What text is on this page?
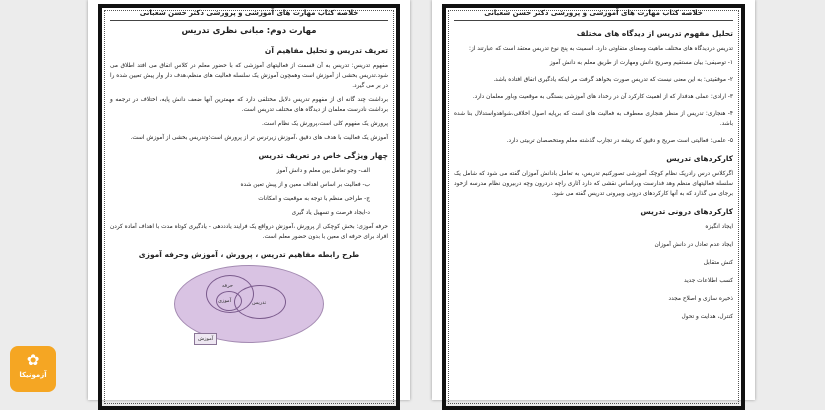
خلاصه کتاب مهارت های آموزشی و پرورشی دکتر حسن شعبانی
مهارت دوم: مبانی نظری تدریس
تعریف تدریس و تحلیل مفاهیم آن

مفهوم تدریس: تدریس به آن قسمت از فعالیتهای آموزشی که با حضور معلم در کلاس اتفاق می افتد اطلاق می شود.تدریس بخشی از آموزش است وهمچون آموزش یک سلسله فعالیت های منظم،هدف دار وار پیش تعیین شده را در بر می گیرد.

برداشت چند گانه ای از مفهوم تدریس دلایل مختلفی دارد که مهمترین آنها ضعف دانش پایه، اختلاف در ترجمه و برداشت نادرست معلمان از دیدگاه های مختلف تدریس است.

پرورش یک مفهوم کلی است،پرورش یک نظام است.

آموزش یک فعالیت با هدف های دقیق ،آموزش زیرترس تر از پرورش است؛وتدریس بخشی از آموزش است.

چهار ویژگی خاص در تعریف تدریس

الف- وجو تعامل بین معلم و دانش آموز

ب- فعالیت بر اساس اهداف معین و از پیش تعین شده

ج- طراحی منظم با توجه به موقعیت و امکانات

د-ایجاد فرصت و تسهیل یاد گیری

حرفه آموزی: بخش کوچکی از پرورش ،آموزش درواقع یک فرایند یادددهی - یادگیری کوتاه مدت با اهداف آماده کردن افراد برای حرفه ای معین با بدون حضور معلم است.

طرح رابطه مفاهیم تدریس ، پرورش ، آموزش وحرفه آموزی
حرفه
آموزی	تدریس
آموزش
خلاصه کتاب مهارت های آموزشی و پرورشی دکتر حسن شعبانی
تحلیل مفهوم تدریس از دیدگاه های مختلف

تدریس دردیدگاه های مختلف ماهیت ومعنای متفاوتی دارد. اسمیت به پنج نوع تدریس معتقد است که عبارتند از:

۱- توصیفی: بیان مستقیم وصریح دانش ومهارت از طریق معلم به دانش آموز

۲- موفقیتی: به این معنی نیست که تدریس صورت بخواهد گرفت مر اینکه یادگیری اتفاق افتاده باشد.

۳- ارادی: عملی هدفدار که از اهمیت کارکرد آن در رخداد های آموزشی بستگی به موقعیت وباور معلمان دارد.

۴- هنجاری: تدریس از منظر هنجاری معطوف به فعالیت های است که برپایه اصول اخلاقی،شواهدواستدلال بنا شده باشد.

۵- علمی: فعالیتی است صریح و دقیق که ریشه در تجارب گذشته معلم ومتخصصان تربیتی دارد.

کارکردهای تدریس

اگرکلاس درس رادریک نظام کوچک آموزشی تصورکنیم تدریس، به تعامل بادانش آموزان گفته می شود که شامل یک سلسله فعالیتهای منظم وهد فدارست وبراساس نقشی که دارد آثاری راچه دردرون وچه دربیرون نظام مدرسه ازخود برجای می گذارد که به آنها کارکردهای درونی وبیرونی تدریس گفته می شود.

کارکردهای درونی تدریس

ایجاد انگیزه

ایجاد عدم تعادل در دانش آموزان

کنش متقابل

کسب اطلاعات جدید

ذخیره سازی و اصلاح مجدد

کنترل، هدایت و تحول

✿
آزمونیکا
